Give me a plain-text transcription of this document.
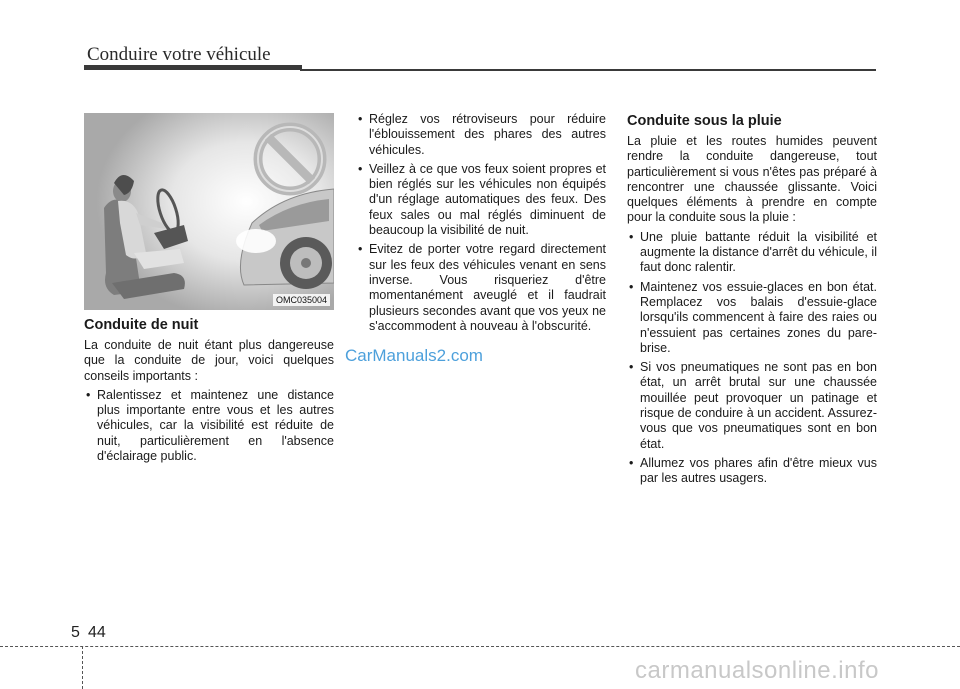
Conduire votre véhicule
OMC035004
Conduite de nuit

La conduite de nuit étant plus dangereuse que la conduite de jour, voici quelques conseils importants :

• Ralentissez et maintenez une distance plus importante entre vous et les autres véhicules, car la visibilité est réduite de nuit, particulièrement en l'absence d'éclairage public.
• Réglez vos rétroviseurs pour réduire l'éblouissement des phares des autres véhicules.
• Veillez à ce que vos feux soient propres et bien réglés sur les véhicules non équipés d'un réglage automatiques des feux. Des feux sales ou mal réglés diminuent de beaucoup la visibilité de nuit.
• Evitez de porter votre regard directement sur les feux des véhicules venant en sens inverse. Vous risqueriez d'être momentanément aveuglé et il faudrait plusieurs secondes avant que vos yeux ne s'accommodent à nouveau à l'obscurité.
CarManuals2.com
Conduite sous la pluie

La pluie et les routes humides peuvent rendre la conduite dangereuse, tout particulièrement si vous n'êtes pas préparé à rencontrer une chaussée glissante. Voici quelques éléments à prendre en compte pour la conduite sous la pluie :

• Une pluie battante réduit la visibilité et augmente la distance d'arrêt du véhicule, il faut donc ralentir.
• Maintenez vos essuie-glaces en bon état. Remplacez vos balais d'essuie-glace lorsqu'ils commencent à faire des raies ou n'essuient pas certaines zones du pare-brise.
• Si vos pneumatiques ne sont pas en bon état, un arrêt brutal sur une chaussée mouillée peut provoquer un patinage et risque de conduire à un accident. Assurez-vous que vos pneumatiques sont en bon état.
• Allumez vos phares afin d'être mieux vus par les autres usagers.
5 44
carmanualsonline.info
